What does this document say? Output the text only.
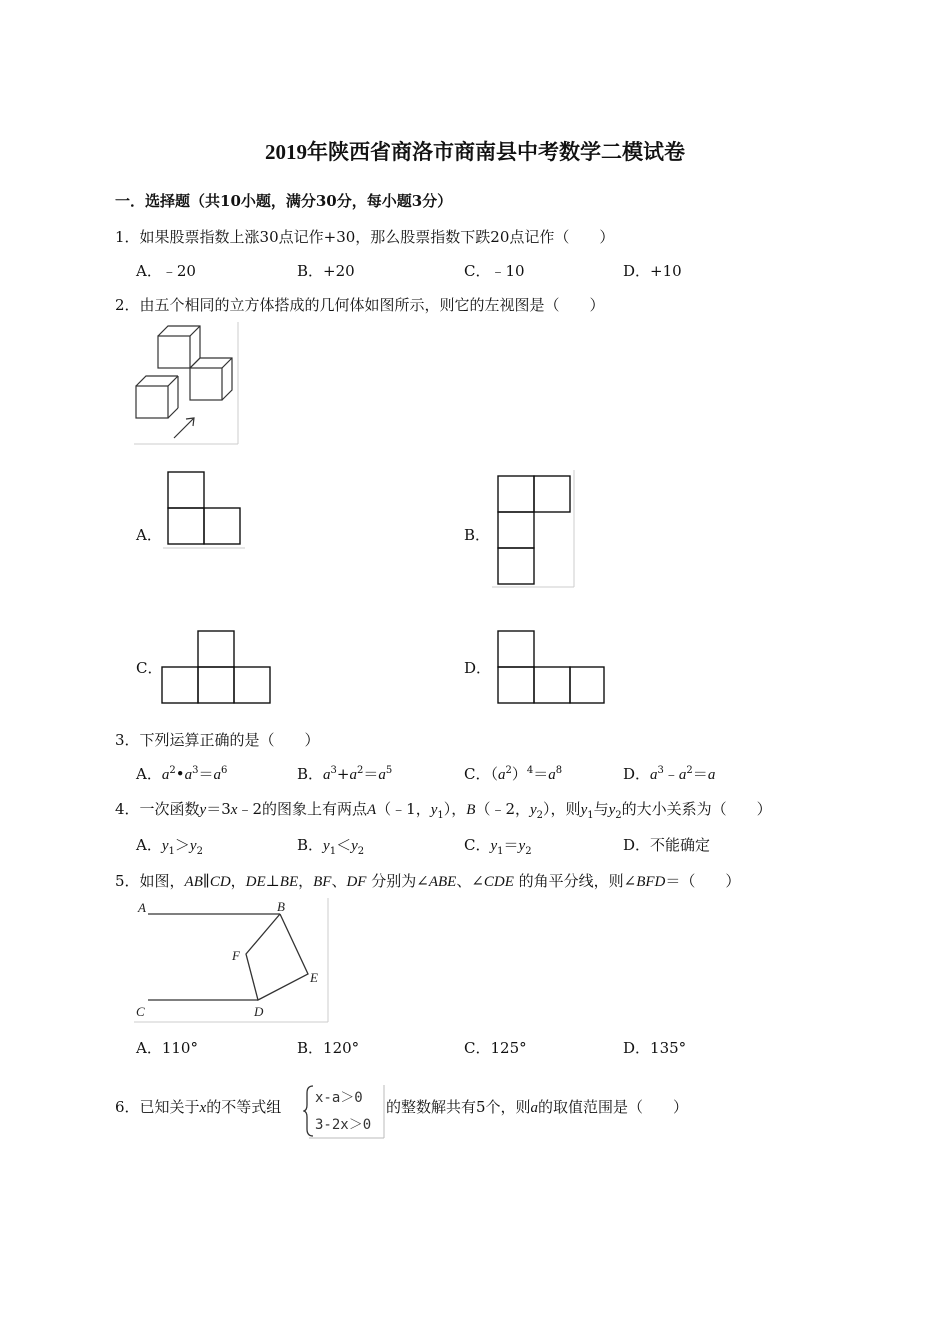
2019年陕西省商洛市商南县中考数学二模试卷
一．选择题（共10小题，满分30分，每小题3分）
1．如果股票指数上涨30点记作+30，那么股票指数下跌20点记作（　　）
A．﹣20	B．+20	C．﹣10	D．+10
2．由五个相同的立方体搭成的几何体如图所示，则它的左视图是（　　）
A．	B．
C．	D．
3．下列运算正确的是（　　）
A．$a^2•a^3=a^6$	B．$a^3+a^2=a^5$	C．$(a^2)^4=a^8$	D．$a^3﹣a^2=a$
4．一次函数y＝3x﹣2的图象上有两点A（﹣1，$y_1$），B（﹣2，$y_2$），则$y_1$与$y_2$的大小关系为（　　）
A．$y_1>y_2$	B．$y_1<y_2$	C．$y_1=y_2$	D．不能确定
5．如图，AB∥CD，DE⊥BE，BF、DF 分别为∠ABE、∠CDE 的角平分线，则∠BFD＝（　　）
A	B
C	D
E
F
A．110°	B．120°	C．125°	D．135°
6．已知关于x的不等式组 x-a＞0
3-2x＞0
的整数解共有5个，则a的取值范围是（　　）
